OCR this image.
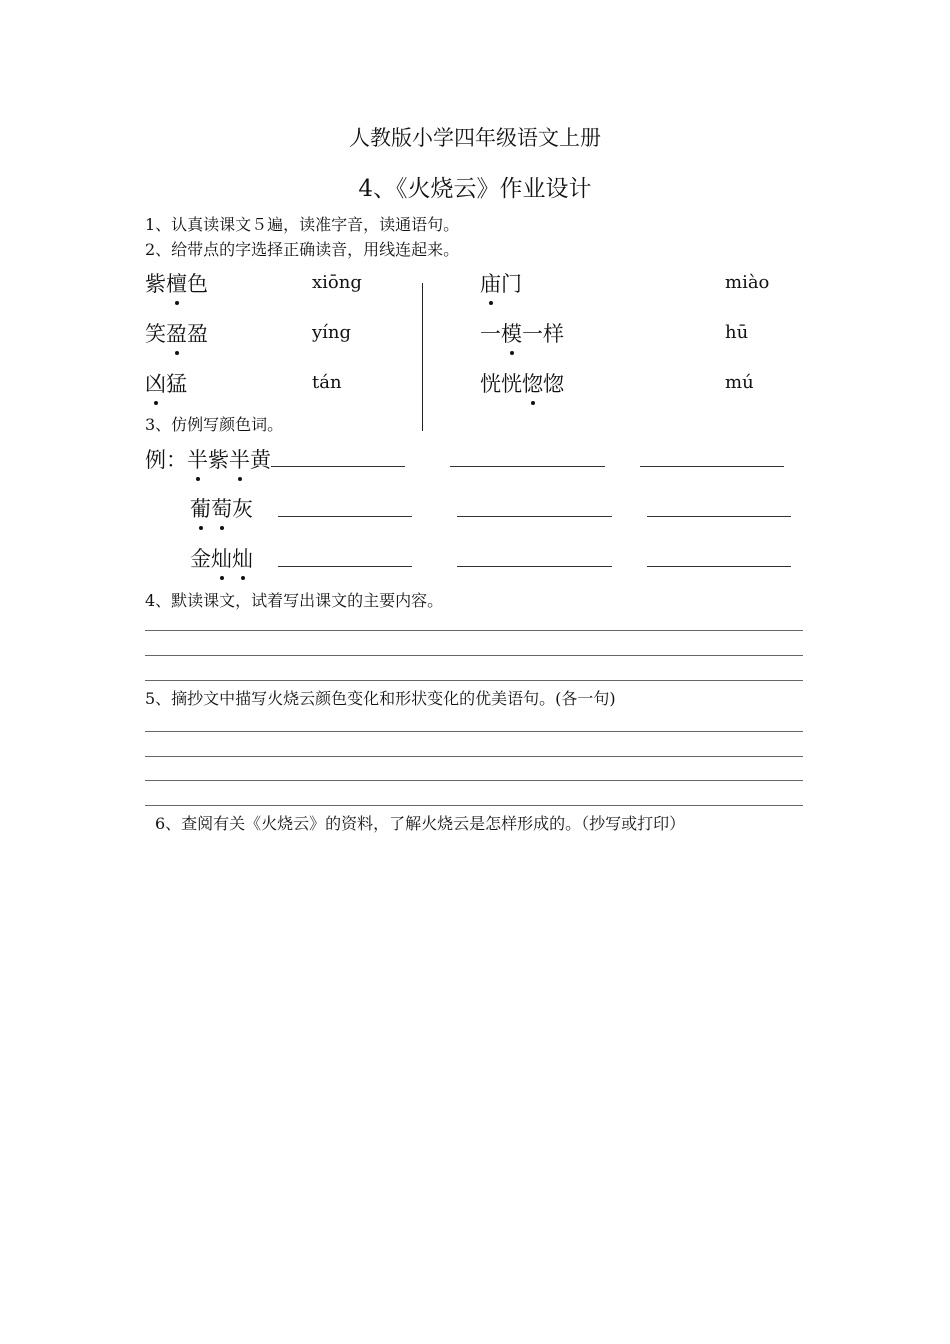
人教版小学四年级语文上册
4、《火烧云》作业设计
1、认真读课文５遍，读准字音，读通语句。
2、给带点的字选择正确读音，用线连起来。
紫檀色	xiōng
笑盈盈	yíng
凶猛	tán
庙门	miào
一模一样	hū
恍恍惚惚	mú
3、仿例写颜色词。
例：半紫半黄
葡萄灰
金灿灿
4、默读课文，试着写出课文的主要内容。
5、摘抄文中描写火烧云颜色变化和形状变化的优美语句。(各一句)
6、查阅有关《火烧云》的资料，了解火烧云是怎样形成的。（抄写或打印）
